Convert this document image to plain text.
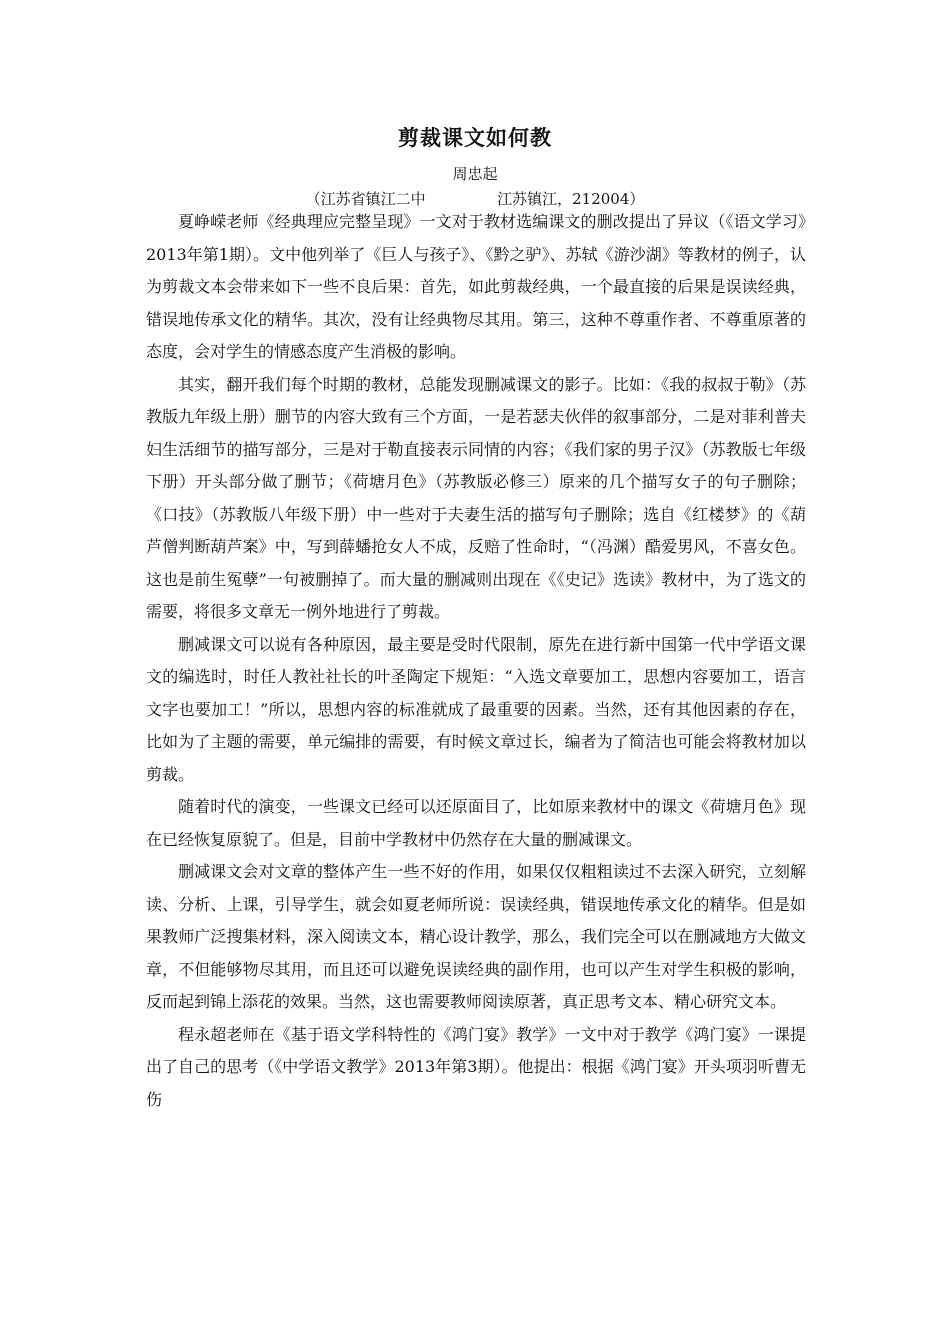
剪裁课文如何教
周忠起
（江苏省镇江二中               江苏镇江，212004）

夏峥嵘老师《经典理应完整呈现》一文对于教材选编课文的删改提出了异议（《语文学习》2013年第1期）。文中他列举了《巨人与孩子》、《黔之驴》、苏轼《游沙湖》等教材的例子，认为剪裁文本会带来如下一些不良后果：首先，如此剪裁经典，一个最直接的后果是误读经典，错误地传承文化的精华。其次，没有让经典物尽其用。第三，这种不尊重作者、不尊重原著的态度，会对学生的情感态度产生消极的影响。

其实，翻开我们每个时期的教材，总能发现删减课文的影子。比如：《我的叔叔于勒》（苏教版九年级上册）删节的内容大致有三个方面，一是若瑟夫伙伴的叙事部分，二是对菲利普夫妇生活细节的描写部分，三是对于勒直接表示同情的内容；《我们家的男子汉》（苏教版七年级下册）开头部分做了删节；《荷塘月色》（苏教版必修三）原来的几个描写女子的句子删除；《口技》（苏教版八年级下册）中一些对于夫妻生活的描写句子删除；选自《红楼梦》的《葫芦僧判断葫芦案》中，写到薛蟠抢女人不成，反赔了性命时，“（冯渊）酷爱男风，不喜女色。这也是前生冤孽”一句被删掉了。而大量的删减则出现在《《史记》选读》教材中，为了选文的需要，将很多文章无一例外地进行了剪裁。

删减课文可以说有各种原因，最主要是受时代限制，原先在进行新中国第一代中学语文课文的编选时，时任人教社社长的叶圣陶定下规矩：“入选文章要加工，思想内容要加工，语言文字也要加工！”所以，思想内容的标准就成了最重要的因素。当然，还有其他因素的存在，比如为了主题的需要，单元编排的需要，有时候文章过长，编者为了简洁也可能会将教材加以剪裁。

随着时代的演变，一些课文已经可以还原面目了，比如原来教材中的课文《荷塘月色》现在已经恢复原貌了。但是，目前中学教材中仍然存在大量的删减课文。

删减课文会对文章的整体产生一些不好的作用，如果仅仅粗粗读过不去深入研究，立刻解读、分析、上课，引导学生，就会如夏老师所说：误读经典，错误地传承文化的精华。但是如果教师广泛搜集材料，深入阅读文本，精心设计教学，那么，我们完全可以在删减地方大做文章，不但能够物尽其用，而且还可以避免误读经典的副作用，也可以产生对学生积极的影响，反而起到锦上添花的效果。当然，这也需要教师阅读原著，真正思考文本、精心研究文本。

程永超老师在《基于语文学科特性的《鸿门宴》教学》一文中对于教学《鸿门宴》一课提出了自己的思考（《中学语文教学》2013年第3期）。他提出：根据《鸿门宴》开头项羽听曹无伤
